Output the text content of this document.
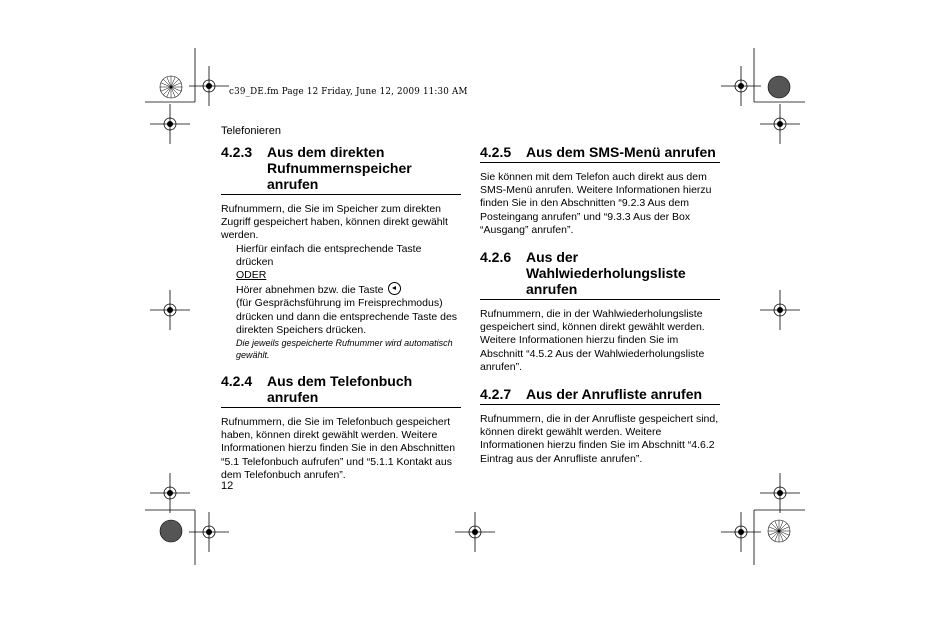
c39_DE.fm Page 12 Friday, June 12, 2009 11:30 AM
Telefonieren
4.2.3	Aus dem direkten
Rufnummernspeicher anrufen

Rufnummern, die Sie im Speicher zum direkten Zugriff gespeichert haben, können direkt gewählt werden.

Hierfür einfach die entsprechende Taste drücken
ODER
Hörer abnehmen bzw. die Taste
(für Gesprächsführung im Freisprechmodus) drücken und dann die entsprechende Taste des direkten Speichers drücken.
Die jeweils gespeicherte Rufnummer wird automatisch gewählt.
4.2.4	Aus dem Telefonbuch anrufen

Rufnummern, die Sie im Telefonbuch gespeichert haben, können direkt gewählt werden. Weitere Informationen hierzu finden Sie in den Abschnitten “5.1 Telefonbuch aufrufen” und “5.1.1 Kontakt aus dem Telefonbuch anrufen”.

4.2.5	Aus dem SMS-Menü anrufen

Sie können mit dem Telefon auch direkt aus dem SMS-Menü anrufen. Weitere Informationen hierzu finden Sie in den Abschnitten “9.2.3 Aus dem Posteingang anrufen” und “9.3.3 Aus der Box “Ausgang” anrufen”.

4.2.6	Aus der
Wahlwiederholungsliste
anrufen

Rufnummern, die in der Wahlwiederholungsliste gespeichert sind, können direkt gewählt werden. Weitere Informationen hierzu finden Sie im Abschnitt “4.5.2 Aus der Wahlwiederholungsliste anrufen”.

4.2.7	Aus der Anrufliste anrufen

Rufnummern, die in der Anrufliste gespeichert sind, können direkt gewählt werden. Weitere Informationen hierzu finden Sie im Abschnitt “4.6.2 Eintrag aus der Anrufliste anrufen”.

12
